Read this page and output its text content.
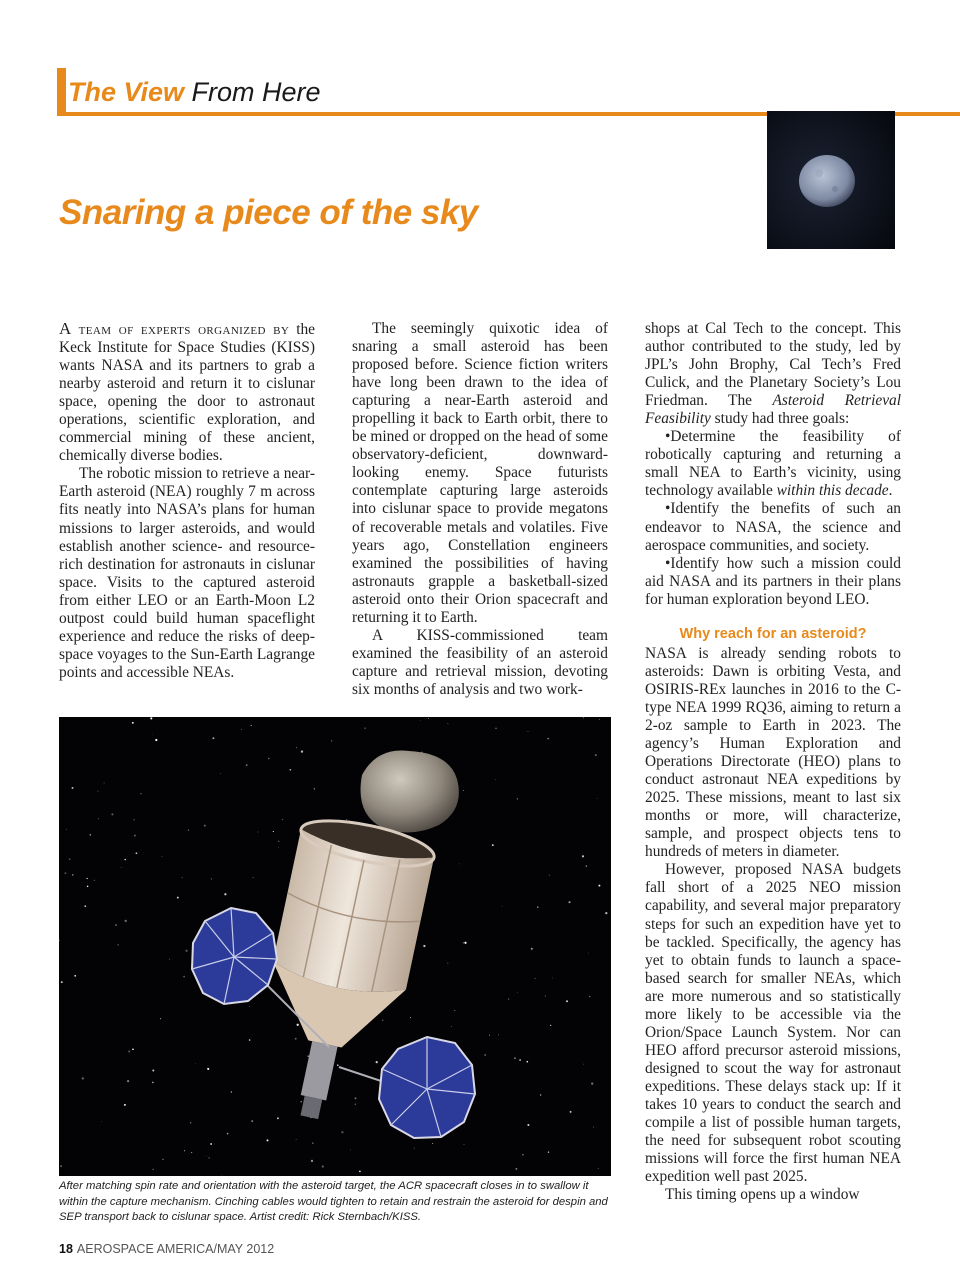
The View From Here
Snaring a piece of the sky

A team of experts organized by the Keck Institute for Space Studies (KISS) wants NASA and its partners to grab a nearby asteroid and return it to cislunar space, opening the door to astronaut operations, scientific exploration, and commercial mining of these ancient, chemically diverse bodies.

The robotic mission to retrieve a near-Earth asteroid (NEA) roughly 7 m across fits neatly into NASA’s plans for human missions to larger asteroids, and would establish another science- and resource-rich destination for astronauts in cislunar space. Visits to the captured asteroid from either LEO or an Earth-Moon L2 outpost could build human spaceflight experience and reduce the risks of deep-space voyages to the Sun-Earth Lagrange points and accessible NEAs.

The seemingly quixotic idea of snaring a small asteroid has been proposed before. Science fiction writers have long been drawn to the idea of capturing a near-Earth asteroid and propelling it back to Earth orbit, there to be mined or dropped on the head of some observatory-deficient, downward-looking enemy. Space futurists contemplate capturing large asteroids into cislunar space to provide megatons of recoverable metals and volatiles. Five years ago, Constellation engineers examined the possibilities of having astronauts grapple a basketball-sized asteroid onto their Orion spacecraft and returning it to Earth.

A KISS-commissioned team examined the feasibility of an asteroid capture and retrieval mission, devoting six months of analysis and two work-

shops at Cal Tech to the concept. This author contributed to the study, led by JPL’s John Brophy, Cal Tech’s Fred Culick, and the Planetary Society’s Lou Friedman. The Asteroid Retrieval Feasibility study had three goals:

•Determine the feasibility of robotically capturing and returning a small NEA to Earth’s vicinity, using technology available within this decade.

•Identify the benefits of such an endeavor to NASA, the science and aerospace communities, and society.

•Identify how such a mission could aid NASA and its partners in their plans for human exploration beyond LEO.

Why reach for an asteroid?

NASA is already sending robots to asteroids: Dawn is orbiting Vesta, and OSIRIS-REx launches in 2016 to the C-type NEA 1999 RQ36, aiming to return a 2-oz sample to Earth in 2023. The agency’s Human Exploration and Operations Directorate (HEO) plans to conduct astronaut NEA expeditions by 2025. These missions, meant to last six months or more, will characterize, sample, and prospect objects tens to hundreds of meters in diameter.

However, proposed NASA budgets fall short of a 2025 NEO mission capability, and several major preparatory steps for such an expedition have yet to be tackled. Specifically, the agency has yet to obtain funds to launch a space-based search for smaller NEAs, which are more numerous and so statistically more likely to be accessible via the Orion/Space Launch System. Nor can HEO afford precursor asteroid missions, designed to scout the way for astronaut expeditions. These delays stack up: If it takes 10 years to conduct the search and compile a list of possible human targets, the need for subsequent robot scouting missions will force the first human NEA expedition well past 2025.

This timing opens up a window

After matching spin rate and orientation with the asteroid target, the ACR spacecraft closes in to swallow it within the capture mechanism. Cinching cables would tighten to retain and restrain the asteroid for despin and SEP transport back to cislunar space. Artist credit: Rick Sternbach/KISS.
18 AEROSPACE AMERICA/MAY 2012
